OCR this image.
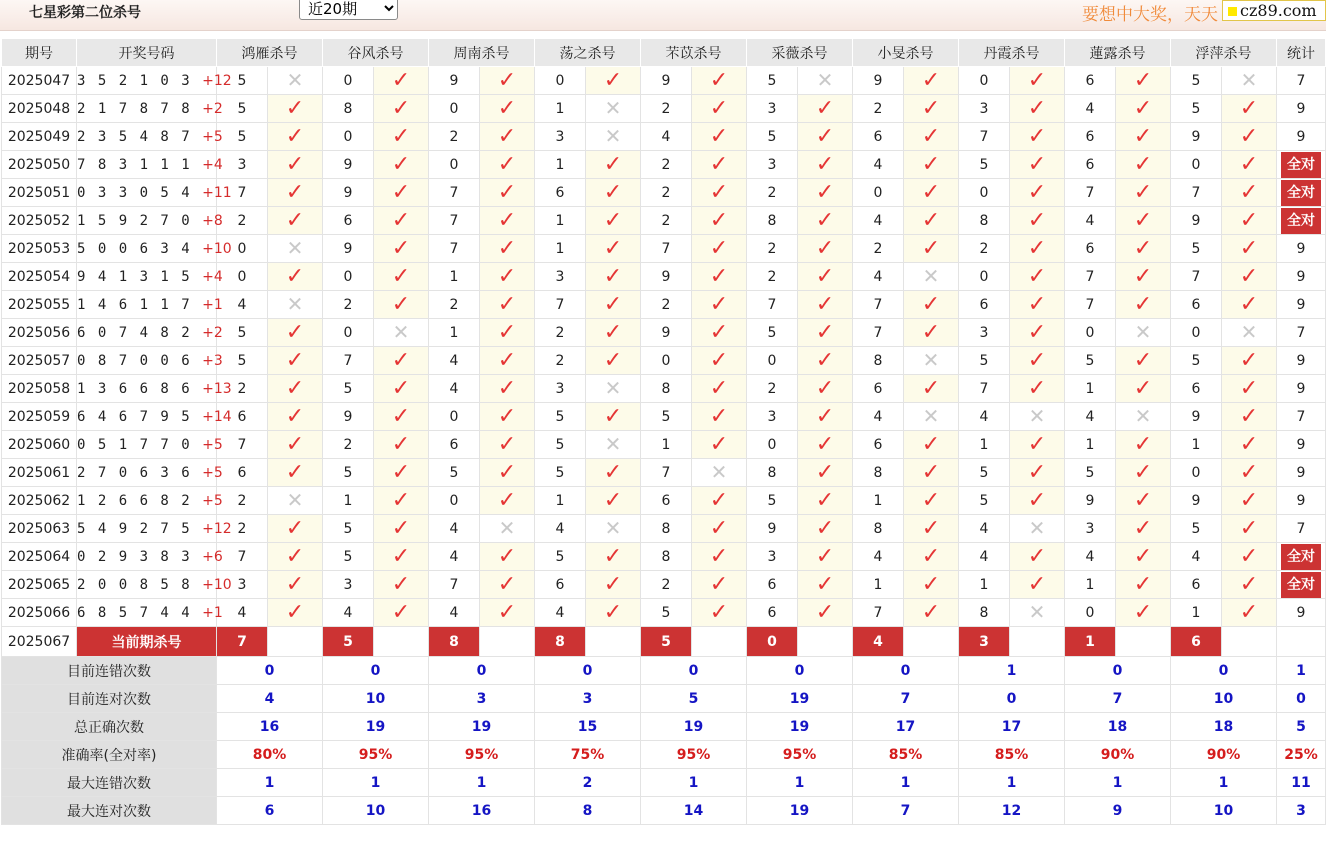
七星彩第二位杀号
近20期	要想中大奖，天天	cz89.com
期号	开奖号码	鸿雁杀号		谷风杀号		周南杀号		荡之杀号		芣苡杀号		采薇杀号		小旻杀号		丹霞杀号		蓮露杀号		浮萍杀号		统计
2025047	3 5 2 1 0 3 +12	5	✕	0	✓	9	✓	0	✓	9	✓	5	✕	9	✓	0	✓	6	✓	5	✕	7
2025048	2 1 7 8 7 8 +2	5	✓	8	✓	0	✓	1	✕	2	✓	3	✓	2	✓	3	✓	4	✓	5	✓	9
2025049	2 3 5 4 8 7 +5	5	✓	0	✓	2	✓	3	✕	4	✓	5	✓	6	✓	7	✓	6	✓	9	✓	9
2025050	7 8 3 1 1 1 +4	3	✓	9	✓	0	✓	1	✓	2	✓	3	✓	4	✓	5	✓	6	✓	0	✓	全对
2025051	0 3 3 0 5 4 +11	7	✓	9	✓	7	✓	6	✓	2	✓	2	✓	0	✓	0	✓	7	✓	7	✓	全对
2025052	1 5 9 2 7 0 +8	2	✓	6	✓	7	✓	1	✓	2	✓	8	✓	4	✓	8	✓	4	✓	9	✓	全对
2025053	5 0 0 6 3 4 +10	0	✕	9	✓	7	✓	1	✓	7	✓	2	✓	2	✓	2	✓	6	✓	5	✓	9
2025054	9 4 1 3 1 5 +4	0	✓	0	✓	1	✓	3	✓	9	✓	2	✓	4	✕	0	✓	7	✓	7	✓	9
2025055	1 4 6 1 1 7 +1	4	✕	2	✓	2	✓	7	✓	2	✓	7	✓	7	✓	6	✓	7	✓	6	✓	9
2025056	6 0 7 4 8 2 +2	5	✓	0	✕	1	✓	2	✓	9	✓	5	✓	7	✓	3	✓	0	✕	0	✕	7
2025057	0 8 7 0 0 6 +3	5	✓	7	✓	4	✓	2	✓	0	✓	0	✓	8	✕	5	✓	5	✓	5	✓	9
2025058	1 3 6 6 8 6 +13	2	✓	5	✓	4	✓	3	✕	8	✓	2	✓	6	✓	7	✓	1	✓	6	✓	9
2025059	6 4 6 7 9 5 +14	6	✓	9	✓	0	✓	5	✓	5	✓	3	✓	4	✕	4	✕	4	✕	9	✓	7
2025060	0 5 1 7 7 0 +5	7	✓	2	✓	6	✓	5	✕	1	✓	0	✓	6	✓	1	✓	1	✓	1	✓	9
2025061	2 7 0 6 3 6 +5	6	✓	5	✓	5	✓	5	✓	7	✕	8	✓	8	✓	5	✓	5	✓	0	✓	9
2025062	1 2 6 6 8 2 +5	2	✕	1	✓	0	✓	1	✓	6	✓	5	✓	1	✓	5	✓	9	✓	9	✓	9
2025063	5 4 9 2 7 5 +12	2	✓	5	✓	4	✕	4	✕	8	✓	9	✓	8	✓	4	✕	3	✓	5	✓	7
2025064	0 2 9 3 8 3 +6	7	✓	5	✓	4	✓	5	✓	8	✓	3	✓	4	✓	4	✓	4	✓	4	✓	全对
2025065	2 0 0 8 5 8 +10	3	✓	3	✓	7	✓	6	✓	2	✓	6	✓	1	✓	1	✓	1	✓	6	✓	全对
2025066	6 8 5 7 4 4 +1	4	✓	4	✓	4	✓	4	✓	5	✓	6	✓	7	✓	8	✕	0	✓	1	✓	9
2025067	当前期杀号	7		5		8		8		5		0		4		3		1		6		
目前连错次数		0		0		0		0		0		0		0		1		0		0		1
目前连对次数		4		10		3		3		5		19		7		0		7		10		0
总正确次数		16		19		19		15		19		19		17		17		18		18		5
准确率(全对率)		80%		95%		95%		75%		95%		95%		85%		85%		90%		90%		25%
最大连错次数		1		1		1		2		1		1		1		1		1		1		11
最大连对次数		6		10		16		8		14		19		7		12		9		10		3
